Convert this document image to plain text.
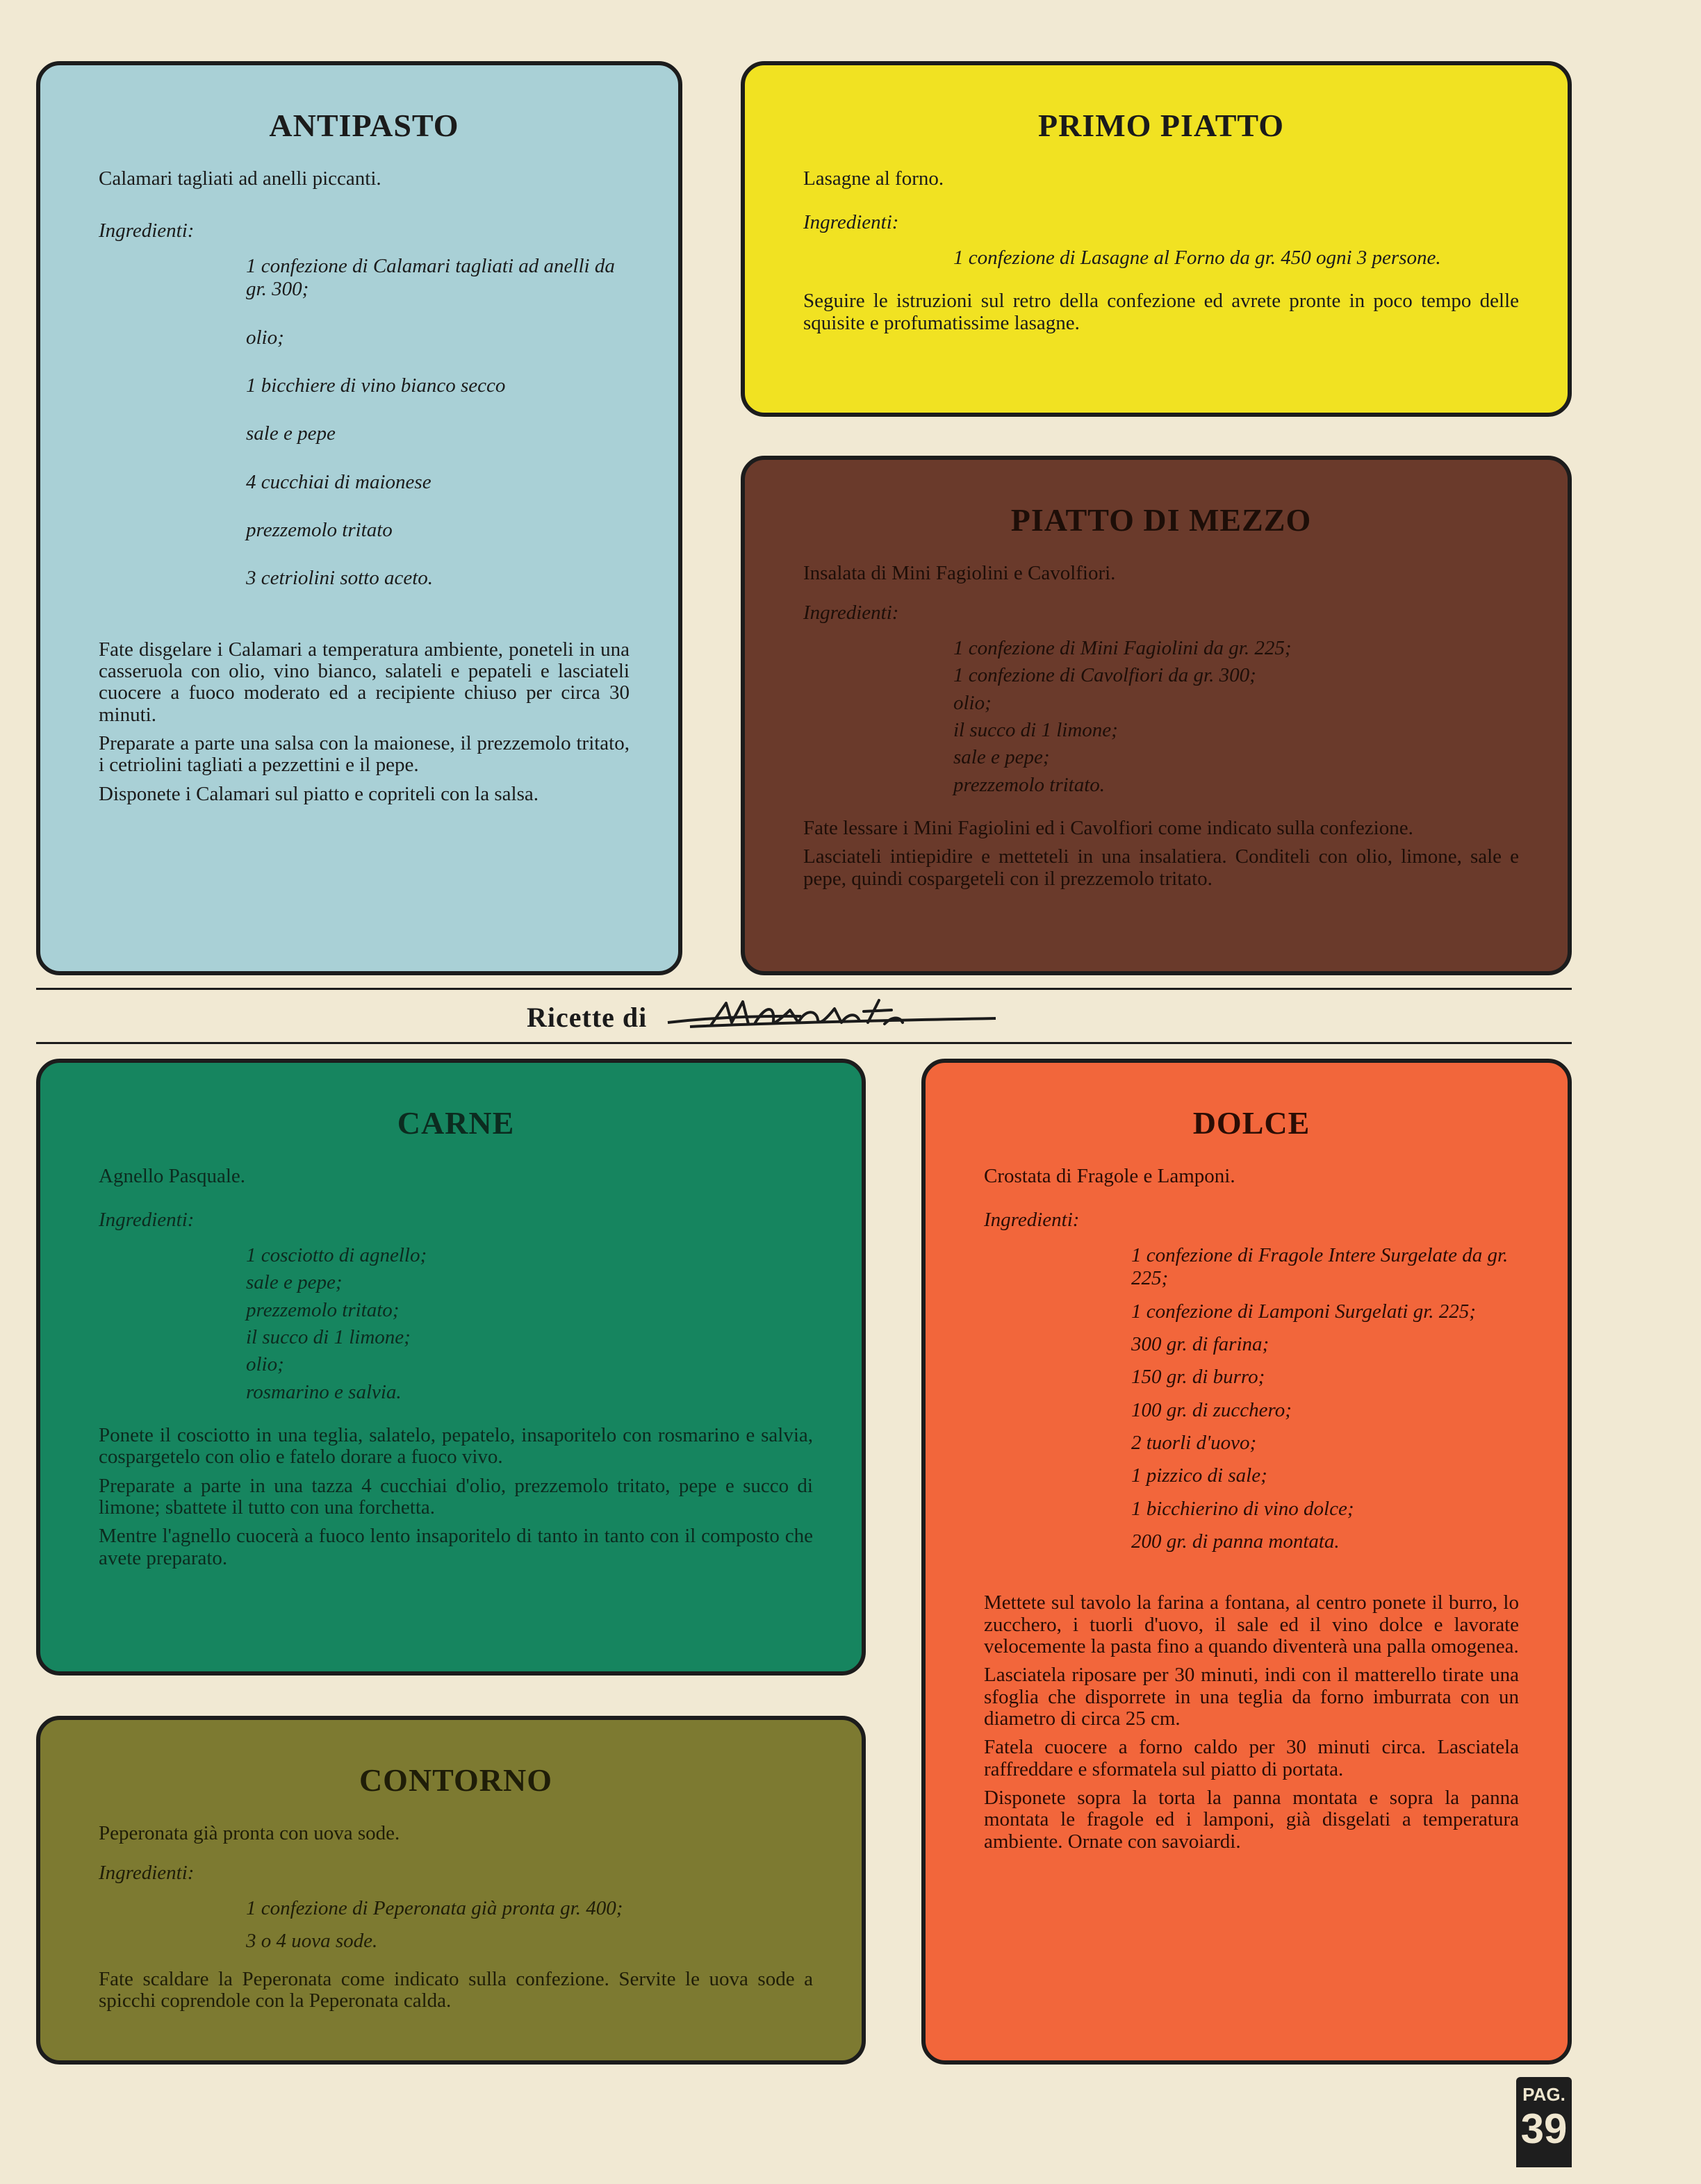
ANTIPASTO

Calamari tagliati ad anelli piccanti.

Ingredienti:

1 confezione di Calamari tagliati ad anelli da gr. 300;
olio;
1 bicchiere di vino bianco secco
sale e pepe
4 cucchiai di maionese
prezzemolo tritato
3 cetriolini sotto aceto.

Fate disgelare i Calamari a temperatura ambiente, poneteli in una casseruola con olio, vino bianco, salateli e pepateli e lasciateli cuocere a fuoco moderato ed a recipiente chiuso per circa 30 minuti.

Preparate a parte una salsa con la maionese, il prezzemolo tritato, i cetriolini tagliati a pezzettini e il pepe.

Disponete i Calamari sul piatto e copriteli con la salsa.

PRIMO PIATTO

Lasagne al forno.

Ingredienti:

1 confezione di Lasagne al Forno da gr. 450 ogni 3 persone.

Seguire le istruzioni sul retro della confezione ed avrete pronte in poco tempo delle squisite e profumatissime lasagne.

PIATTO DI MEZZO

Insalata di Mini Fagiolini e Cavolfiori.

Ingredienti:

1 confezione di Mini Fagiolini da gr. 225;
1 confezione di Cavolfiori da gr. 300;
olio;
il succo di 1 limone;
sale e pepe;
prezzemolo tritato.

Fate lessare i Mini Fagiolini ed i Cavolfiori come indicato sulla confezione.

Lasciateli intiepidire e metteteli in una insalatiera. Conditeli con olio, limone, sale e pepe, quindi cospargeteli con il prezzemolo tritato.

Ricette di
CARNE

Agnello Pasquale.

Ingredienti:

1 cosciotto di agnello;
sale e pepe;
prezzemolo tritato;
il succo di 1 limone;
olio;
rosmarino e salvia.

Ponete il cosciotto in una teglia, salatelo, pepatelo, insaporitelo con rosmarino e salvia, cospargetelo con olio e fatelo dorare a fuoco vivo.

Preparate a parte in una tazza 4 cucchiai d'olio, prezzemolo tritato, pepe e succo di limone; sbattete il tutto con una forchetta.

Mentre l'agnello cuocerà a fuoco lento insaporitelo di tanto in tanto con il composto che avete preparato.

CONTORNO

Peperonata già pronta con uova sode.

Ingredienti:

1 confezione di Peperonata già pronta gr. 400;
3 o 4 uova sode.

Fate scaldare la Peperonata come indicato sulla confezione. Servite le uova sode a spicchi coprendole con la Peperonata calda.

DOLCE

Crostata di Fragole e Lamponi.

Ingredienti:

1 confezione di Fragole Intere Surgelate da gr. 225;
1 confezione di Lamponi Surgelati gr. 225;
300 gr. di farina;
150 gr. di burro;
100 gr. di zucchero;
2 tuorli d'uovo;
1 pizzico di sale;
1 bicchierino di vino dolce;
200 gr. di panna montata.

Mettete sul tavolo la farina a fontana, al centro ponete il burro, lo zucchero, i tuorli d'uovo, il sale ed il vino dolce e lavorate velocemente la pasta fino a quando diventerà una palla omogenea.

Lasciatela riposare per 30 minuti, indi con il matterello tirate una sfoglia che disporrete in una teglia da forno imburrata con un diametro di circa 25 cm.

Fatela cuocere a forno caldo per 30 minuti circa. Lasciatela raffreddare e sformatela sul piatto di portata.

Disponete sopra la torta la panna montata e sopra la panna montata le fragole ed i lamponi, già disgelati a temperatura ambiente. Ornate con savoiardi.

PAG.
39
